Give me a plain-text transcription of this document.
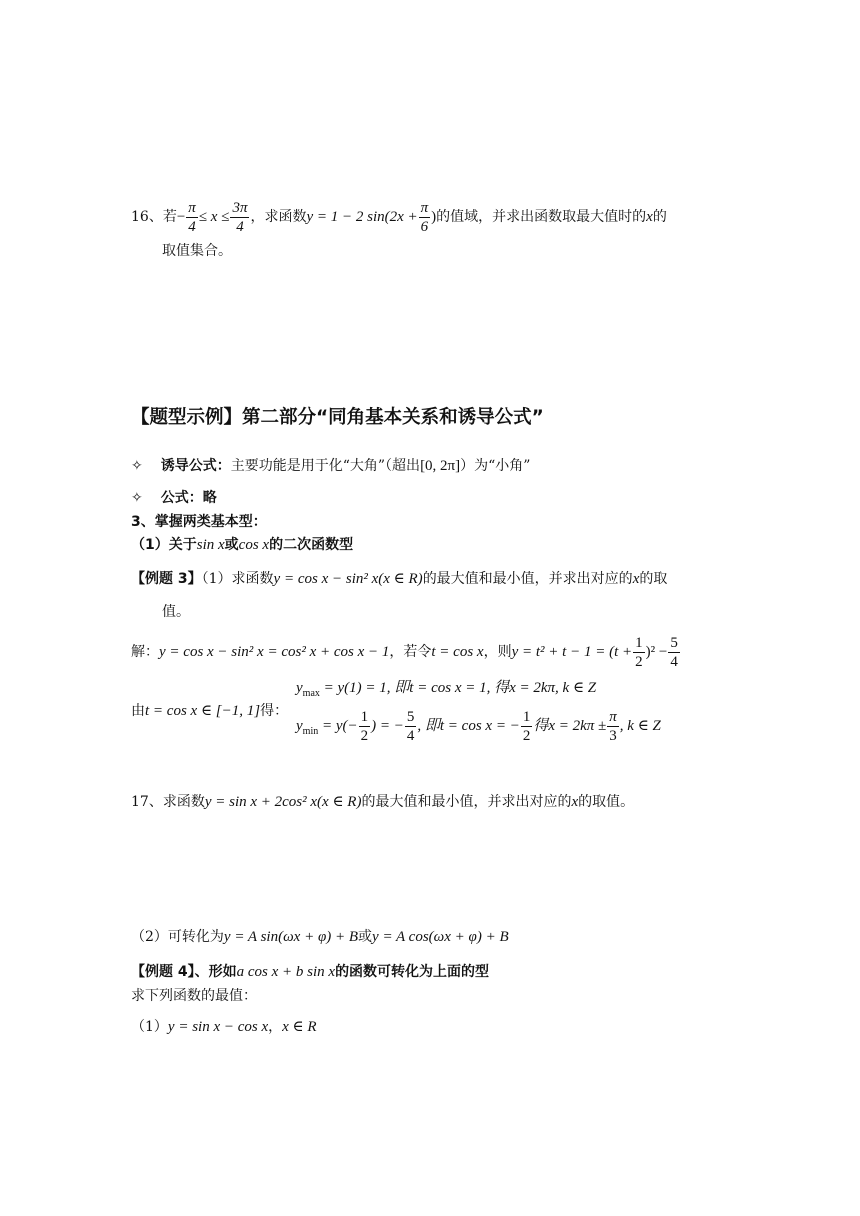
16、若− $\frac{\pi}{4} \le x \le \frac{3\pi}{4}$ ，求函数y = 1 − 2 $\sin(2x + \frac{\pi}{6}$ )的值域，并求出函数取最大值时的x的
取值集合。
【题型示例】第二部分“同角基本关系和诱导公式”
✧ 诱导公式：主要功能是用于化“大角”（超出[0, 2π]）为“小角”
✧ 公式：略
3、掌握两类基本型：
（1）关于sin x或cos x的二次函数型
【例题 3】（1）求函数y = cos x − sin² x(x ∈ R)的最大值和最小值，并求出对应的x的取
值。
解：y = cos x − sin² x = cos² x + cos x − 1，若令t = cos x，则$y = t^2 + t - 1 = (t + \frac{1}{2} )^2 - \frac{5}{4}$
由t = cos x ∈ [−1, 1]得：
$y_{max} = y(1) = 1$, 即t = cos x = 1, 得x = 2kπ, k ∈ Z
$y_{min} = y(- \frac{1}{2}$ ) = − $\frac{5}{4}$ , 即t = cos x = − $\frac{1}{2}$ 得$x = 2k\pi \pm \frac{\pi}{3}$ , k ∈ Z
17、求函数y = sin x + 2cos² x(x ∈ R)的最大值和最小值，并求出对应的x的取值。
（2）可转化为y = A sin(ωx + φ) + B或y = A cos(ωx + φ) + B
【例题 4】、形如a cos x + b sin x的函数可转化为上面的型
求下列函数的最值：
（1）y = sin x − cos x，x ∈ R
